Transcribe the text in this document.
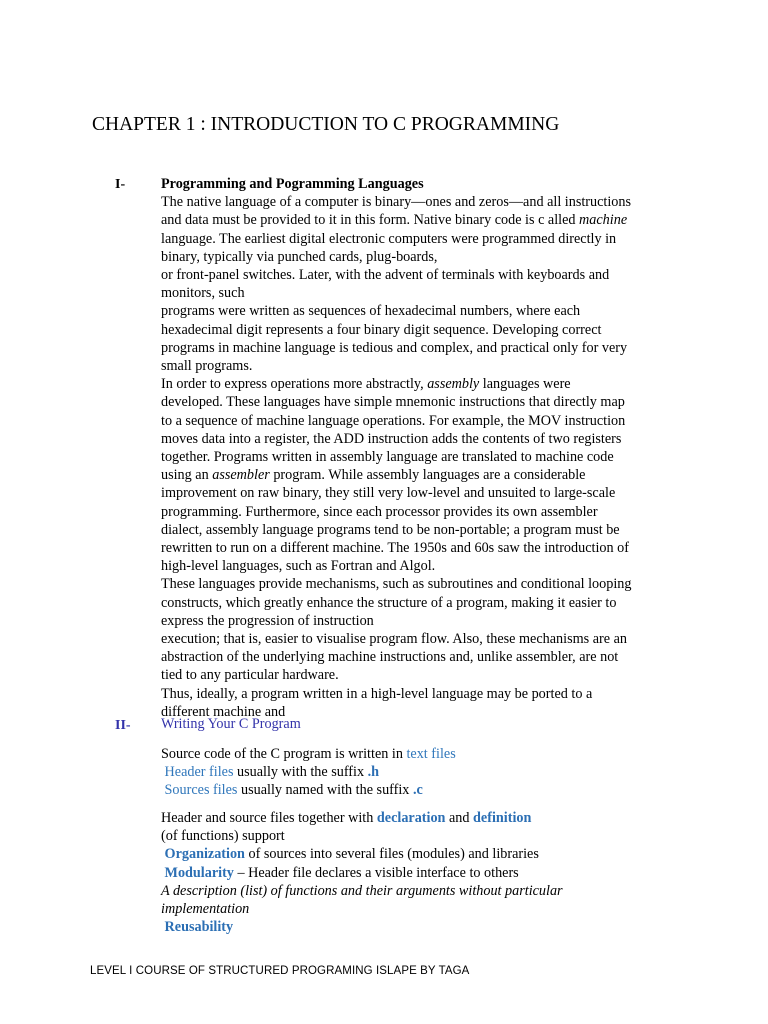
CHAPTER 1 : INTRODUCTION TO C PROGRAMMING
I-	Programming and Pogramming Languages
The native language of a computer is binary—ones and zeros—and all instructions
and data must be provided to it in this form. Native binary code is c alled machine
language. The earliest digital electronic computers were programmed directly in
binary, typically via punched cards, plug-boards,
or front-panel switches. Later, with the advent of terminals with keyboards and
monitors, such
programs were written as sequences of hexadecimal numbers, where each
hexadecimal digit represents a four binary digit sequence. Developing correct
programs in machine language is tedious and complex, and practical only for very
small programs.
In order to express operations more abstractly, assembly languages were
developed. These languages have simple mnemonic instructions that directly map
to a sequence of machine language operations. For example, the MOV instruction
moves data into a register, the ADD instruction adds the contents of two registers
together. Programs written in assembly language are translated to machine code
using an assembler program. While assembly languages are a considerable
improvement on raw binary, they still very low-level and unsuited to large-scale
programming. Furthermore, since each processor provides its own assembler
dialect, assembly language programs tend to be non-portable; a program must be
rewritten to run on a different machine. The 1950s and 60s saw the introduction of
high-level languages, such as Fortran and Algol.
These languages provide mechanisms, such as subroutines and conditional looping
constructs, which greatly enhance the structure of a program, making it easier to
express the progression of instruction
execution; that is, easier to visualise program flow. Also, these mechanisms are an
abstraction of the underlying machine instructions and, unlike assembler, are not
tied to any particular hardware.
Thus, ideally, a program written in a high-level language may be ported to a
different machine and
II- Writing Your C Program
Source code of the C program is written in text files
Header files usually with the suffix .h
Sources files usually named with the suffix .c
Header and source files together with declaration and definition
(of functions) support
Organization of sources into several files (modules) and libraries
Modularity – Header file declares a visible interface to others
A description (list) of functions and their arguments without particular
implementation
Reusability
LEVEL I COURSE OF STRUCTURED PROGRAMING ISLAPE BY TAGA
